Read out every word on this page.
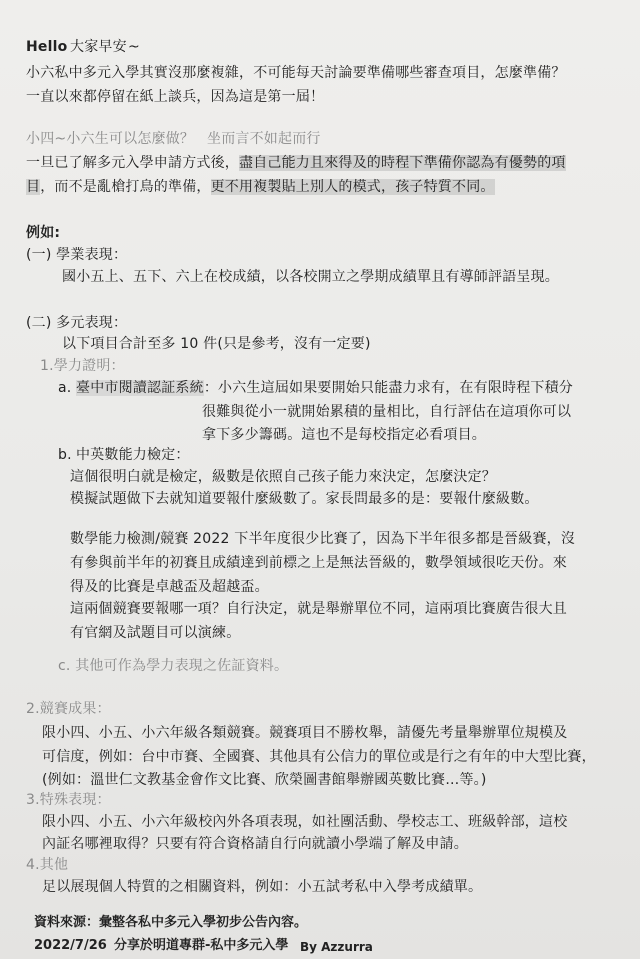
Hello 大家早安 ~
小六私中多元入學其實沒那麼複雜，不可能每天討論要準備哪些審查項目，怎麼準備？
一直以來都停留在紙上談兵，因為這是第一屆！
小四~小六生可以怎麼做？ 坐而言不如起而行
一旦已了解多元入學申請方式後，盡自己能力且來得及的時程下準備你認為有優勢的項
目，而不是亂槍打鳥的準備，更不用複製貼上別人的模式，孩子特質不同。
例如:
(一) 學業表現：
國小五上、五下、六上在校成績，以各校開立之學期成績單且有導師評語呈現。
(二) 多元表現：
以下項目合計至多 10 件(只是參考，沒有一定要)
1.學力證明：
a. 臺中市閱讀認証系統：小六生這屆如果要開始只能盡力求有，在有限時程下積分
很難與從小一就開始累積的量相比，自行評估在這項你可以
拿下多少籌碼。這也不是每校指定必看項目。
b. 中英數能力檢定：
這個很明白就是檢定，級數是依照自己孩子能力來決定，怎麼決定？
模擬試題做下去就知道要報什麼級數了。家長問最多的是：要報什麼級數。
數學能力檢測/競賽 2022 下半年度很少比賽了，因為下半年很多都是晉級賽，沒
有參與前半年的初賽且成績達到前標之上是無法晉級的，數學領域很吃天份。來
得及的比賽是卓越盃及超越盃。
這兩個競賽要報哪一項？自行決定，就是舉辦單位不同，這兩項比賽廣告很大且
有官網及試題目可以演練。
c. 其他可作為學力表現之佐証資料。
2.競賽成果：
限小四、小五、小六年級各類競賽。競賽項目不勝枚舉，請優先考量舉辦單位規模及
可信度，例如：台中市賽、全國賽、其他具有公信力的單位或是行之有年的中大型比賽，
(例如：溫世仁文教基金會作文比賽、欣榮圖書館舉辦國英數比賽…等。)
3.特殊表現：
限小四、小五、小六年級校內外各項表現，如社團活動、學校志工、班級幹部，這校
內証名哪裡取得？只要有符合資格請自行向就讀小學端了解及申請。
4.其他
足以展現個人特質的之相關資料，例如：小五試考私中入學考成績單。
資料來源：彙整各私中多元入學初步公告內容。
2022/7/26 分享於明道專群-私中多元入學 By Azzurra
